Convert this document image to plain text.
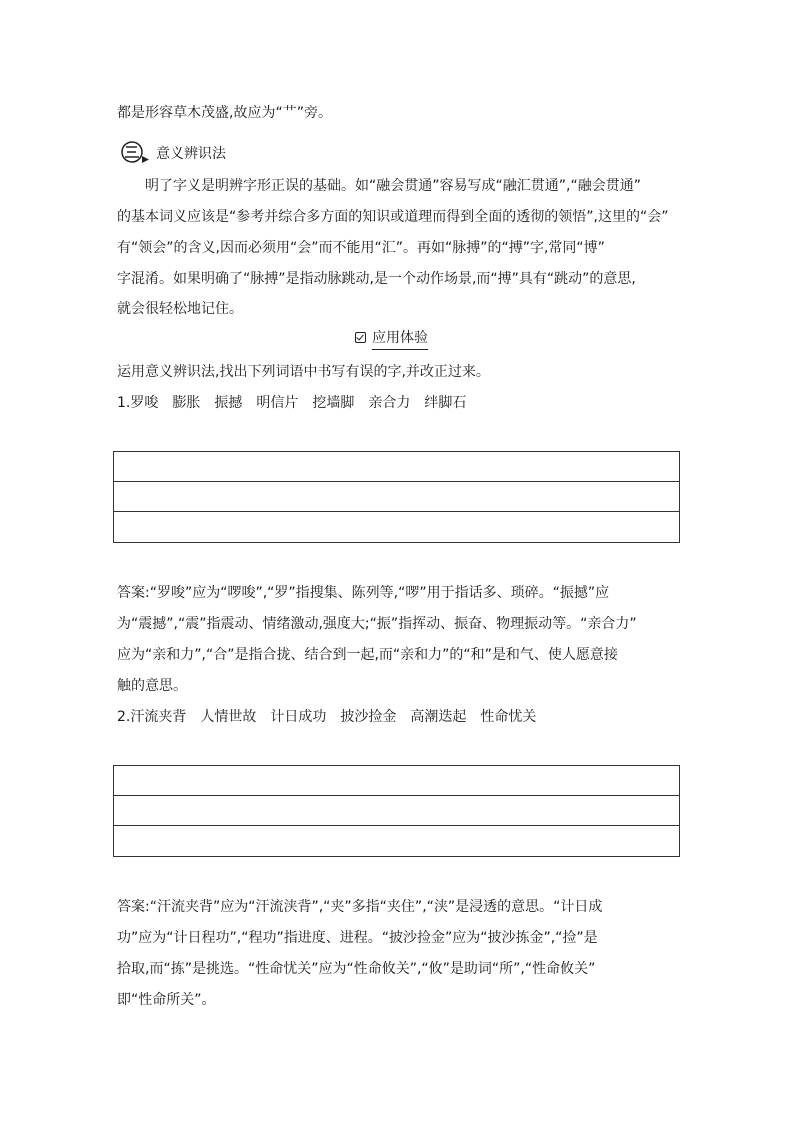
都是形容草木茂盛,故应为“艹”旁。
意义辨识法
明了字义是明辨字形正误的基础。如“融会贯通”容易写成“融汇贯通”,“融会贯通”
的基本词义应该是“参考并综合多方面的知识或道理而得到全面的透彻的领悟”,这里的“会”
有“领会”的含义,因而必须用“会”而不能用“汇”。再如“脉搏”的“搏”字,常同“博”
字混淆。如果明确了“脉搏”是指动脉跳动,是一个动作场景,而“搏”具有“跳动”的意思,
就会很轻松地记住。
应用体验
运用意义辨识法,找出下列词语中书写有误的字,并改正过来。
1.罗唆　膨胀　振撼　明信片　挖墙脚　亲合力　绊脚石
答案:“罗唆”应为“啰唆”,“罗”指搜集、陈列等,“啰”用于指话多、琐碎。“振撼”应
为“震撼”,“震”指震动、情绪激动,强度大;“振”指挥动、振奋、物理振动等。“亲合力”
应为“亲和力”,“合”是指合拢、结合到一起,而“亲和力”的“和”是和气、使人愿意接
触的意思。
2.汗流夹背　人情世故　计日成功　披沙捡金　高潮迭起　性命忧关
答案:“汗流夹背”应为“汗流浃背”,“夹”多指“夹住”,“浃”是浸透的意思。“计日成
功”应为“计日程功”,“程功”指进度、进程。“披沙捡金”应为“披沙拣金”,“捡”是
拾取,而“拣”是挑选。“性命忧关”应为“性命攸关”,“攸”是助词“所”,“性命攸关”
即“性命所关”。
